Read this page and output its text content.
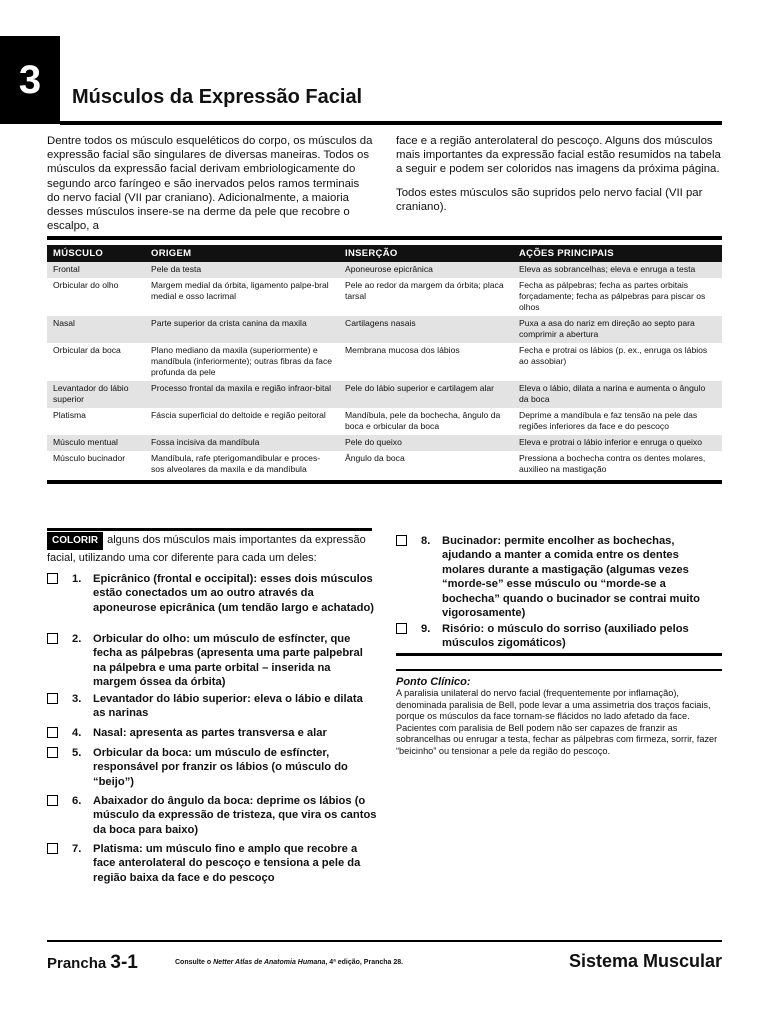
3	Músculos da Expressão Facial

Dentre todos os músculo esqueléticos do corpo, os músculos da expressão facial são singulares de diversas maneiras. Todos os músculos da expressão facial derivam embriologicamente do segundo arco faríngeo e são inervados pelos ramos terminais do nervo facial (VII par craniano). Adicionalmente, a maioria desses músculos insere-se na derme da pele que recobre o escalpo, a

face e a região anterolateral do pescoço. Alguns dos músculos mais importantes da expressão facial estão resumidos na tabela a seguir e podem ser coloridos nas imagens da próxima página.

Todos estes músculos são supridos pelo nervo facial (VII par craniano).

MÚSCULO	ORIGEM	INSERÇÃO	AÇÕES PRINCIPAIS
Frontal	Pele da testa	Aponeurose epicrânica	Eleva as sobrancelhas; eleva e enruga a testa
Orbicular do olho	Margem medial da órbita, ligamento palpe-bral medial e osso lacrimal	Pele ao redor da margem da órbita; placa tarsal	Fecha as pálpebras; fecha as partes orbitais forçadamente; fecha as pálpebras para piscar os olhos
Nasal	Parte superior da crista canina da maxila	Cartilagens nasais	Puxa a asa do nariz em direção ao septo para comprimir a abertura
Orbicular da boca	Plano mediano da maxila (superiormente) e mandíbula (inferiormente); outras fibras da face profunda da pele	Membrana mucosa dos lábios	Fecha e protrai os lábios (p. ex., enruga os lábios ao assobiar)
Levantador do lábio superior	Processo frontal da maxila e região infraor-bital	Pele do lábio superior e cartilagem alar	Eleva o lábio, dilata a narina e aumenta o ângulo da boca
Platisma	Fáscia superficial do deltoide e região peitoral	Mandíbula, pele da bochecha, ângulo da boca e orbicular da boca	Deprime a mandíbula e faz tensão na pele das regiões inferiores da face e do pescoço
Músculo mentual	Fossa incisiva da mandíbula	Pele do queixo	Eleva e protrai o lábio inferior e enruga o queixo
Músculo bucinador	Mandíbula, rafe pterigomandibular e proces-sos alveolares da maxila e da mandíbula	Ângulo da boca	Pressiona a bochecha contra os dentes molares, auxilieo na mastigação
COLORIR alguns dos músculos mais importantes da expressão facial, utilizando uma cor diferente para cada um deles:
1. Epicrânico (frontal e occipital): esses dois músculos estão conectados um ao outro através da aponeurose epicrânica (um tendão largo e achatado)
2. Orbicular do olho: um músculo de esfíncter, que fecha as pálpebras (apresenta uma parte palpebral na pálpebra e uma parte orbital – inserida na margem óssea da órbita)
3. Levantador do lábio superior: eleva o lábio e dilata as narinas
4. Nasal: apresenta as partes transversa e alar
5. Orbicular da boca: um músculo de esfíncter, responsável por franzir os lábios (o músculo do “beijo”)
6. Abaixador do ângulo da boca: deprime os lábios (o músculo da expressão de tristeza, que vira os cantos da boca para baixo)
7. Platisma: um músculo fino e amplo que recobre a face anterolateral do pescoço e tensiona a pele da região baixa da face e do pescoço
8. Bucinador: permite encolher as bochechas, ajudando a manter a comida entre os dentes molares durante a mastigação (algumas vezes “morde-se” esse músculo ou “morde-se a bochecha” quando o bucinador se contrai muito vigorosamente)
9. Risório: o músculo do sorriso (auxiliado pelos músculos zigomáticos)
Ponto Clínico:
A paralisia unilateral do nervo facial (frequentemente por inflamação), denominada paralisia de Bell, pode levar a uma assimetria dos traços faciais, porque os músculos da face tornam-se flácidos no lado afetado da face. Pacientes com paralisia de Bell podem não ser capazes de franzir as sobrancelhas ou enrugar a testa, fechar as pálpebras com firmeza, sorrir, fazer “beicinho” ou tensionar a pele da região do pescoço.
Prancha 3-1	Consulte o Netter Atlas de Anatomia Humana, 4ª edição, Prancha 28.	Sistema Muscular
